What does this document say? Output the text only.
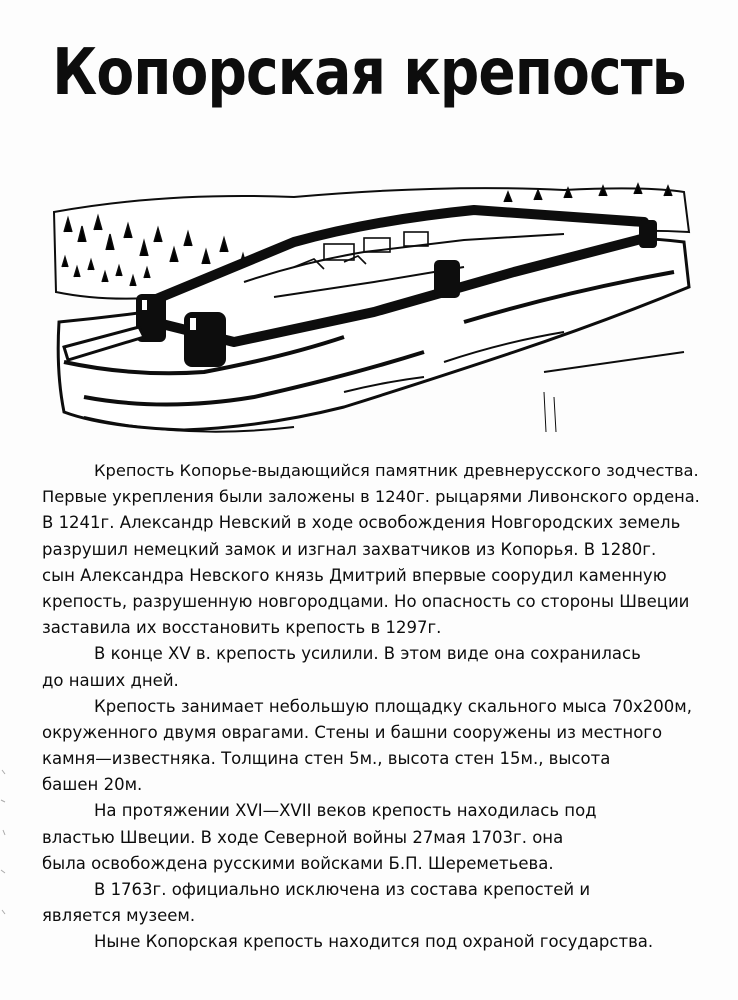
Копорская крепость
Крепость Копорье-выдающийся памятник древнерусского зодчества.
Первые укрепления были заложены в 1240г. рыцарями Ливонского ордена.
В 1241г. Александр Невский в ходе освобождения Новгородских земель
разрушил немецкий замок и изгнал захватчиков из Копорья. В 1280г.
сын Александра Невского князь Дмитрий впервые соорудил каменную
крепость, разрушенную новгородцами. Но опасность со стороны Швеции
заставила их восстановить крепость в 1297г.
В конце XV в. крепость усилили. В этом виде она сохранилась
до наших дней.
Крепость занимает небольшую площадку скального мыса 70х200м,
окруженного двумя оврагами. Стены и башни сооружены из местного
камня—известняка. Толщина стен 5м., высота стен 15м., высота
башен 20м.
На протяжении XVI—XVII веков крепость находилась под
властью Швеции. В ходе Северной войны 27мая 1703г. она
была освобождена русскими войсками Б.П. Шереметьева.
В 1763г. официально исключена из состава крепостей и
является музеем.
Ныне Копорская крепость находится под охраной государства.
